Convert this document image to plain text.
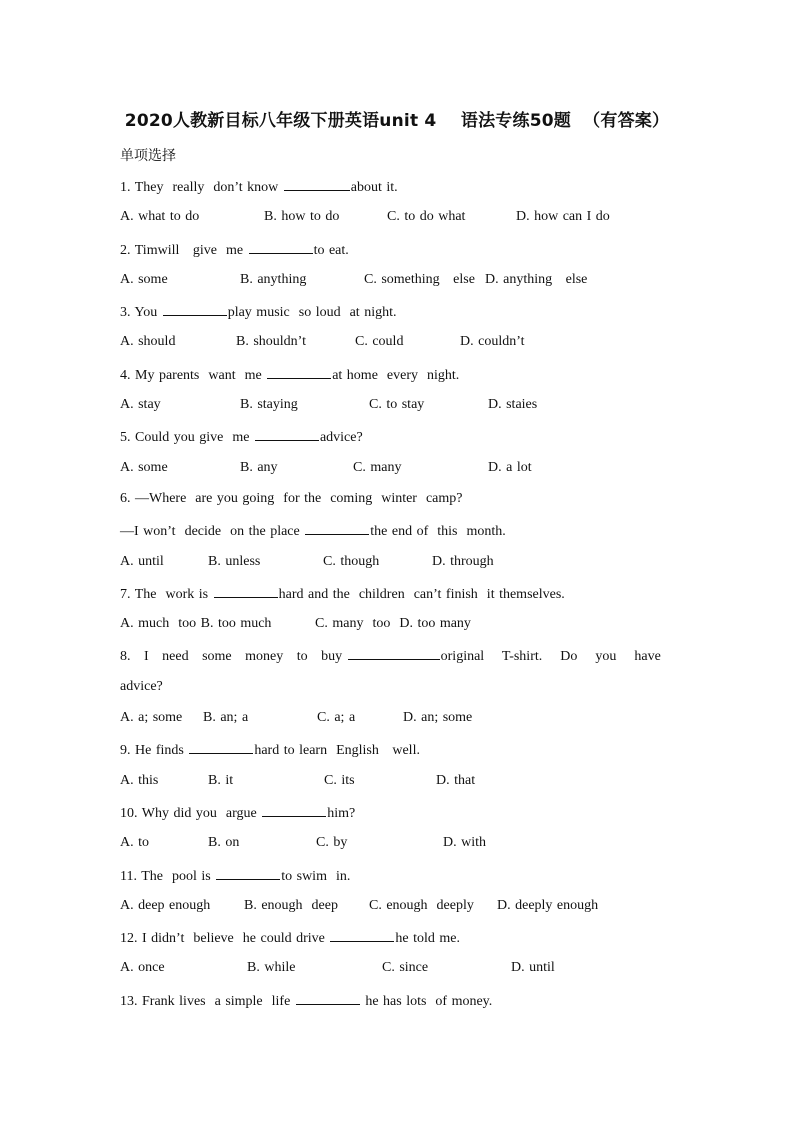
2020人教新目标八年级下册英语unit 4    语法专练50题  （有答案）
单项选择
1. They  really  don’t know	about it.
A. what to do	B. how to do	C. to do what	D. how can I do
2. Timwill   give  me	to eat.
A. some	B. anything	C. something   else D. anything   else
3. You	play music  so loud  at night.
A. should	B. shouldn’t	C. could	D. couldn’t
4. My parents  want  me	at home  every  night.
A. stay	B. staying	C. to stay	D. staies
5. Could you give  me	advice?
A. some	B. any	C. many	D. a lot
6. —Where  are you going  for the  coming  winter  camp?
—I won’t  decide  on the place	the end of  this  month.
A. until	B. unless	C. though	D. through
7. The  work is	hard and the  children  can’t finish  it themselves.
A. much  too B. too much	C. many  too  D. too many
8.   I   need   some   money   to   buy	original    T-shirt.    Do    you    have
advice?
A. a; some	B. an; a	C. a; a	D. an; some
9. He finds	hard to learn  English   well.
A. this	B. it	C. its	D. that
10. Why did you  argue	him?
A. to	B. on	C. by	D. with
11. The  pool is	to swim  in.
A. deep enough	B. enough  deep	C. enough  deeply	D. deeply enough
12. I didn’t  believe  he could drive	he told me.
A. once	B. while	C. since	D. until
13. Frank lives  a simple  life	he has lots  of money.
